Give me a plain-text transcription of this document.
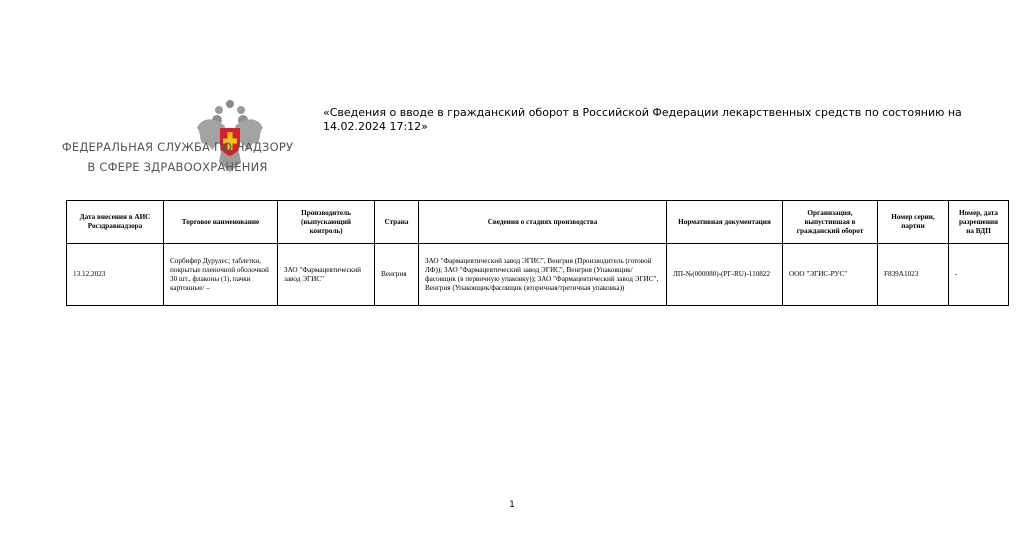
ФЕДЕРАЛЬНАЯ СЛУЖБА ПО НАДЗОРУ
В СФЕРЕ ЗДРАВООХРАНЕНИЯ
«Сведения о вводе в гражданский оборот в Российской Федерации лекарственных средств по состоянию на 14.02.2024 17:12»
Дата внесения в АИС Росздравнадзора	Торговое наименование	Производитель (выпускающий контроль)	Страна	Сведения о стадиях производства	Нормативная документация	Организация, выпустившая в гражданский оборот	Номер серии, партии	Номер, дата разрешения на ВДП
13.12.2023	Сорбифер Дурулес; таблетки, покрытые пленочной оболочкой 30 шт., флаконы (1), пачки картонные/ –	ЗАО "Фармацевтический завод ЭГИС"	Венгрия	ЗАО "Фармацевтический завод ЭГИС", Венгрия (Производитель (готовой ЛФ)); ЗАО "Фармацевтический завод ЭГИС", Венгрия (Упаковщик/фасовщик (в первичную упаковку)); ЗАО "Фармацевтический завод ЭГИС", Венгрия (Упаковщик/фасовщик (вторичная/третичная упаковка))	ЛП-№(000080)-(РГ-RU)-110822	ООО "ЭГИС-РУС"	F839A1023	-
1
